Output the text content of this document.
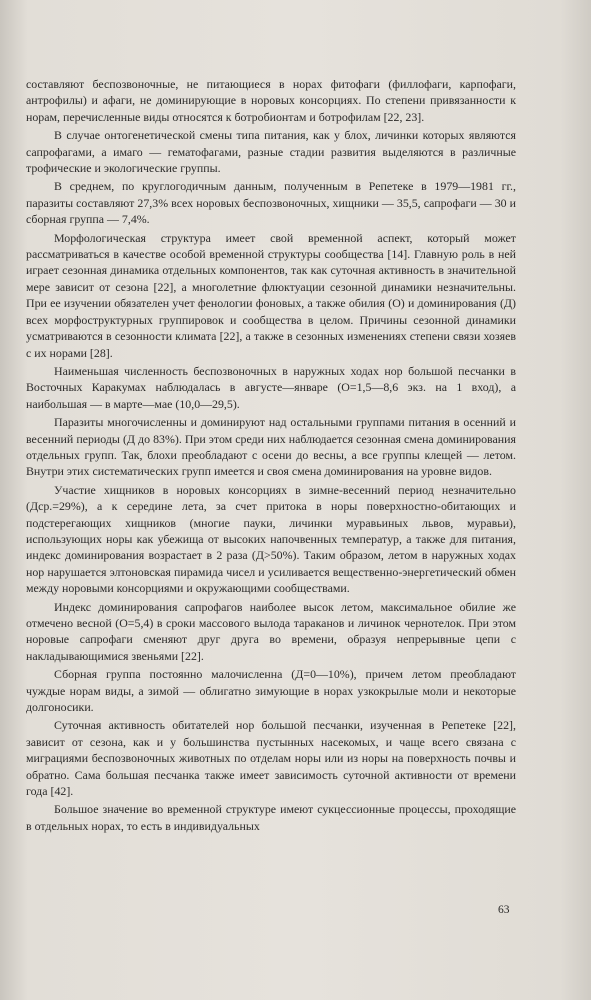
составляют беспозвоночные, не питающиеся в норах фитофаги (филлофаги, карпофаги, антрофилы) и афаги, не доминирующие в норовых консорциях. По степени привязанности к норам, перечисленные виды относятся к ботробионтам и ботрофилам [22, 23].

В случае онтогенетической смены типа питания, как у блох, личинки которых являются сапрофагами, а имаго — гематофагами, разные стадии развития выделяются в различные трофические и экологические группы.

В среднем, по круглогодичным данным, полученным в Репетеке в 1979—1981 гг., паразиты составляют 27,3% всех норовых беспозвоночных, хищники — 35,5, сапрофаги — 30 и сборная группа — 7,4%.

Морфологическая структура имеет свой временной аспект, который может рассматриваться в качестве особой временной структуры сообщества [14]. Главную роль в ней играет сезонная динамика отдельных компонентов, так как суточная активность в значительной мере зависит от сезона [22], а многолетние флюктуации сезонной динамики незначительны. При ее изучении обязателен учет фенологии фоновых, а также обилия (О) и доминирования (Д) всех морфоструктурных группировок и сообщества в целом. Причины сезонной динамики усматриваются в сезонности климата [22], а также в сезонных изменениях степени связи хозяев с их норами [28].

Наименьшая численность беспозвоночных в наружных ходах нор большой песчанки в Восточных Каракумах наблюдалась в августе—январе (О=1,5—8,6 экз. на 1 вход), а наибольшая — в марте—мае (10,0—29,5).

Паразиты многочисленны и доминируют над остальными группами питания в осенний и весенний периоды (Д до 83%). При этом среди них наблюдается сезонная смена доминирования отдельных групп. Так, блохи преобладают с осени до весны, а все группы клещей — летом. Внутри этих систематических групп имеется и своя смена доминирования на уровне видов.

Участие хищников в норовых консорциях в зимне-весенний период незначительно (Дср.=29%), а к середине лета, за счет притока в норы поверхностно-обитающих и подстерегающих хищников (многие пауки, личинки муравьиных львов, муравьи), использующих норы как убежища от высоких напочвенных температур, а также для питания, индекс доминирования возрастает в 2 раза (Д>50%). Таким образом, летом в наружных ходах нор нарушается элтоновская пирамида чисел и усиливается вещественно-энергетический обмен между норовыми консорциями и окружающими сообществами.

Индекс доминирования сапрофагов наиболее высок летом, максимальное обилие же отмечено весной (О=5,4) в сроки массового вылода тараканов и личинок чернотелок. При этом норовые сапрофаги сменяют друг друга во времени, образуя непрерывные цепи с накладывающимися звеньями [22].

Сборная группа постоянно малочисленна (Д=0—10%), причем летом преобладают чуждые норам виды, а зимой — облигатно зимующие в норах узкокрылые моли и некоторые долгоносики.

Суточная активность обитателей нор большой песчанки, изученная в Репетеке [22], зависит от сезона, как и у большинства пустынных насекомых, и чаще всего связана с миграциями беспозвоночных животных по отделам норы или из норы на поверхность почвы и обратно. Сама большая песчанка также имеет зависимость суточной активности от времени года [42].

Большое значение во временной структуре имеют сукцессионные процессы, проходящие в отдельных норах, то есть в индивидуальных

63
